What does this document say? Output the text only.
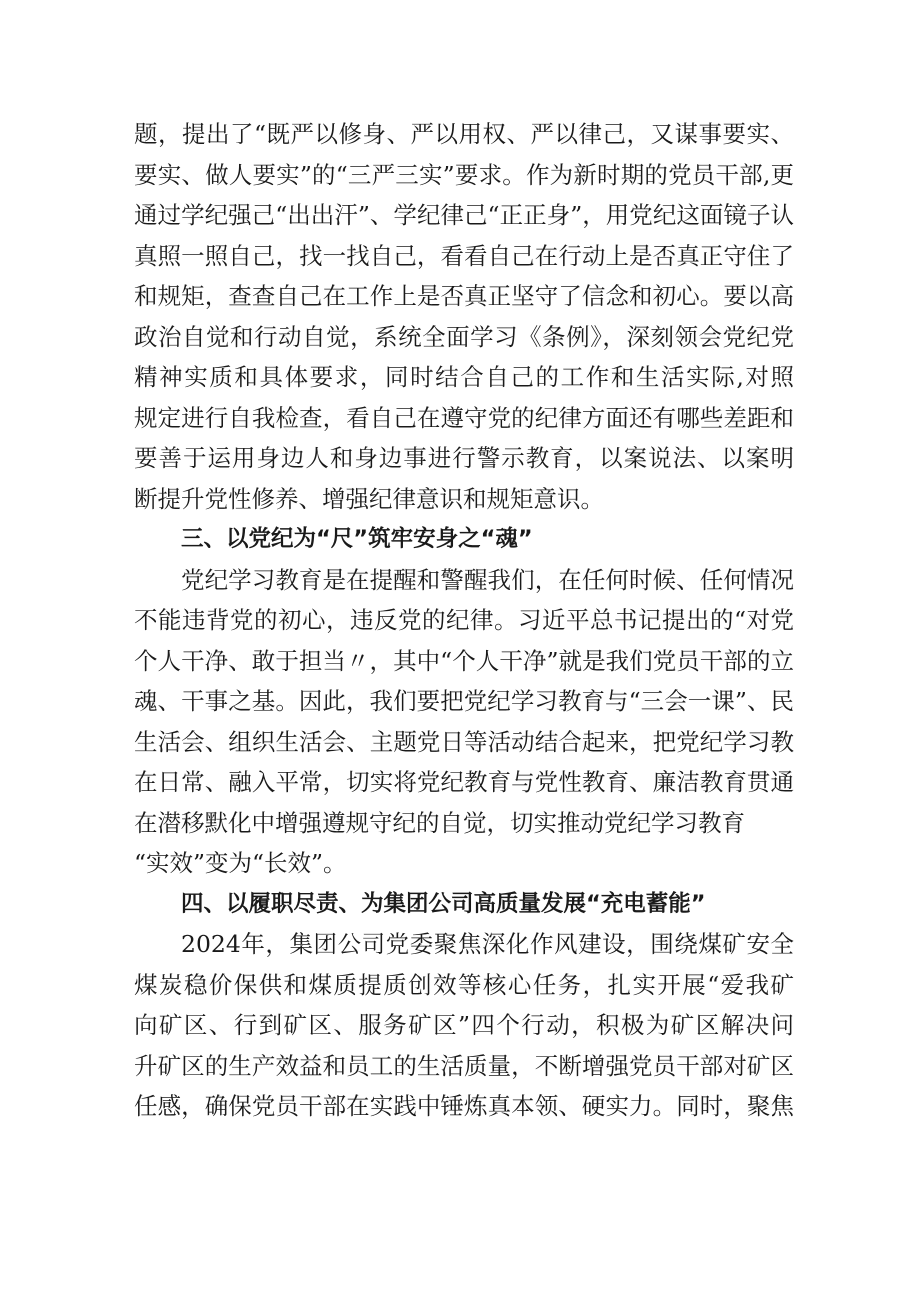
题，提出了“既严以修身、严以用权、严以律己，又谋事要实、
要实、做人要实”的“三严三实”要求。作为新时期的党员干部,更
通过学纪强己“出出汗”、学纪律己“正正身”，用党纪这面镜子认
真照一照自己，找一找自己，看看自己在行动上是否真正守住了
和规矩，查查自己在工作上是否真正坚守了信念和初心。要以高
政治自觉和行动自觉，系统全面学习《条例》，深刻领会党纪党
精神实质和具体要求，同时结合自己的工作和生活实际,对照
规定进行自我检查，看自己在遵守党的纪律方面还有哪些差距和
要善于运用身边人和身边事进行警示教育，以案说法、以案明
断提升党性修养、增强纪律意识和规矩意识。
三、以党纪为“尺”筑牢安身之“魂”
党纪学习教育是在提醒和警醒我们，在任何时候、任何情况
不能违背党的初心，违反党的纪律。习近平总书记提出的“对党
个人干净、敢于担当〃，其中“个人干净”就是我们党员干部的立
魂、干事之基。因此，我们要把党纪学习教育与“三会一课”、民
生活会、组织生活会、主题党日等活动结合起来，把党纪学习教
在日常、融入平常，切实将党纪教育与党性教育、廉洁教育贯通
在潜移默化中增强遵规守纪的自觉，切实推动党纪学习教育
“实效”变为“长效”。
四、以履职尽责、为集团公司高质量发展“充电蓄能”
2024年，集团公司党委聚焦深化作风建设，围绕煤矿安全
煤炭稳价保供和煤质提质创效等核心任务，扎实开展“爱我矿
向矿区、行到矿区、服务矿区”四个行动，积极为矿区解决问
升矿区的生产效益和员工的生活质量，不断增强党员干部对矿区
任感，确保党员干部在实践中锤炼真本领、硬实力。同时，聚焦
